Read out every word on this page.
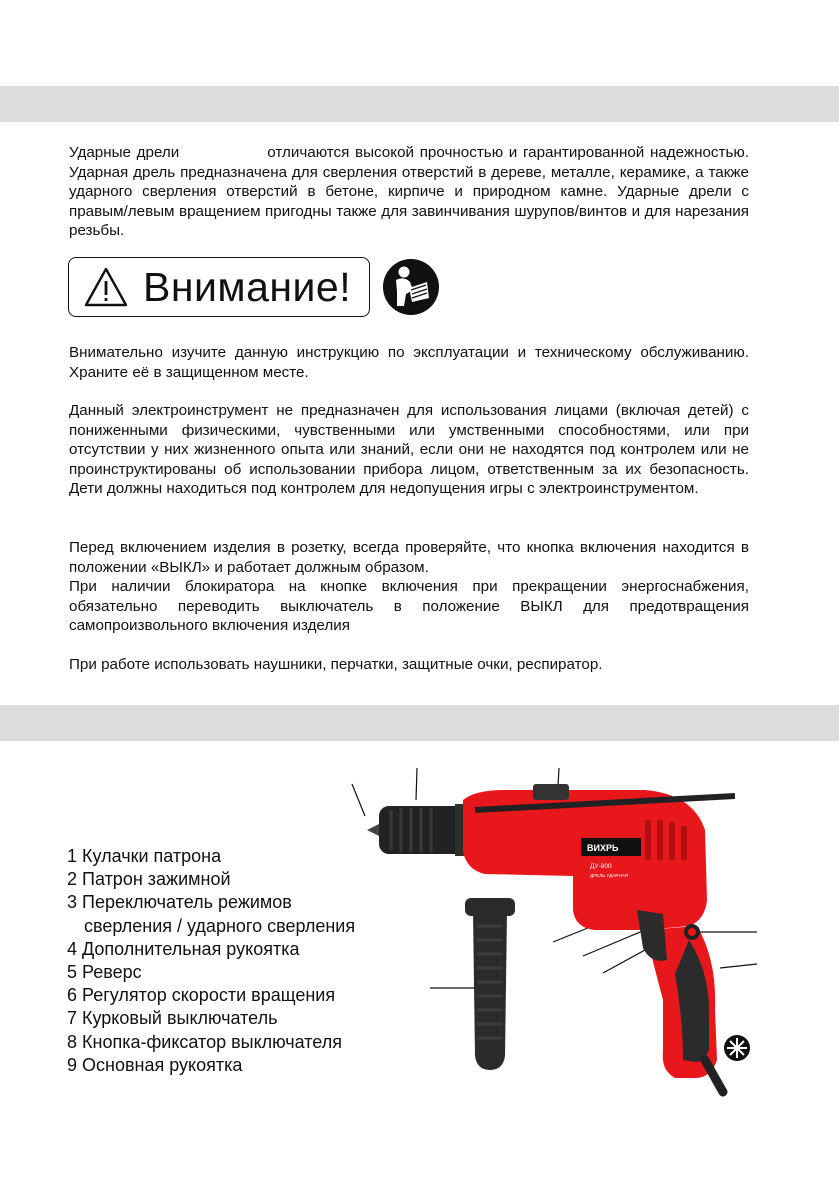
Ударные дрели	отличаются высокой прочностью и гарантированной надежностью. Ударная дрель предназначена для сверления отверстий в дереве, металле, керамике, а также ударного сверления отверстий в бетоне, кирпиче и природном камне. Ударные дрели с правым/левым вращением пригодны также для завинчивания шурупов/винтов и для нарезания резьбы.

Внимание!

Внимательно изучите данную инструкцию по эксплуатации и техническому обслуживанию. Храните её в защищенном месте.

Данный электроинструмент не предназначен для использования лицами (включая детей) с пониженными физическими, чувственными или умственными способностями, или при отсутствии у них жизненного опыта или знаний, если они не находятся под контролем или не проинструктированы об использовании прибора лицом, ответственным за их безопасность. Дети должны находиться под контролем для недопущения игры с электроинструментом.

Перед включением изделия в розетку, всегда проверяйте, что кнопка включения находится в положении «ВЫКЛ» и работает должным образом.

При наличии блокиратора на кнопке включения при прекращении энергоснабжения, обязательно переводить выключатель в положение ВЫКЛ для предотвращения самопроизвольного включения изделия

При работе использовать наушники, перчатки, защитные очки, респиратор.

1 Кулачки патрона
2 Патрон зажимной
3 Переключатель режимов
сверления / ударного сверления
4 Дополнительная рукоятка
5 Реверс
6 Регулятор скорости вращения
7 Курковый выключатель
8 Кнопка-фиксатор выключателя
9 Основная рукоятка
ВИХРЬ
ДУ-800
ДРЕЛЬ УДАРНАЯ
